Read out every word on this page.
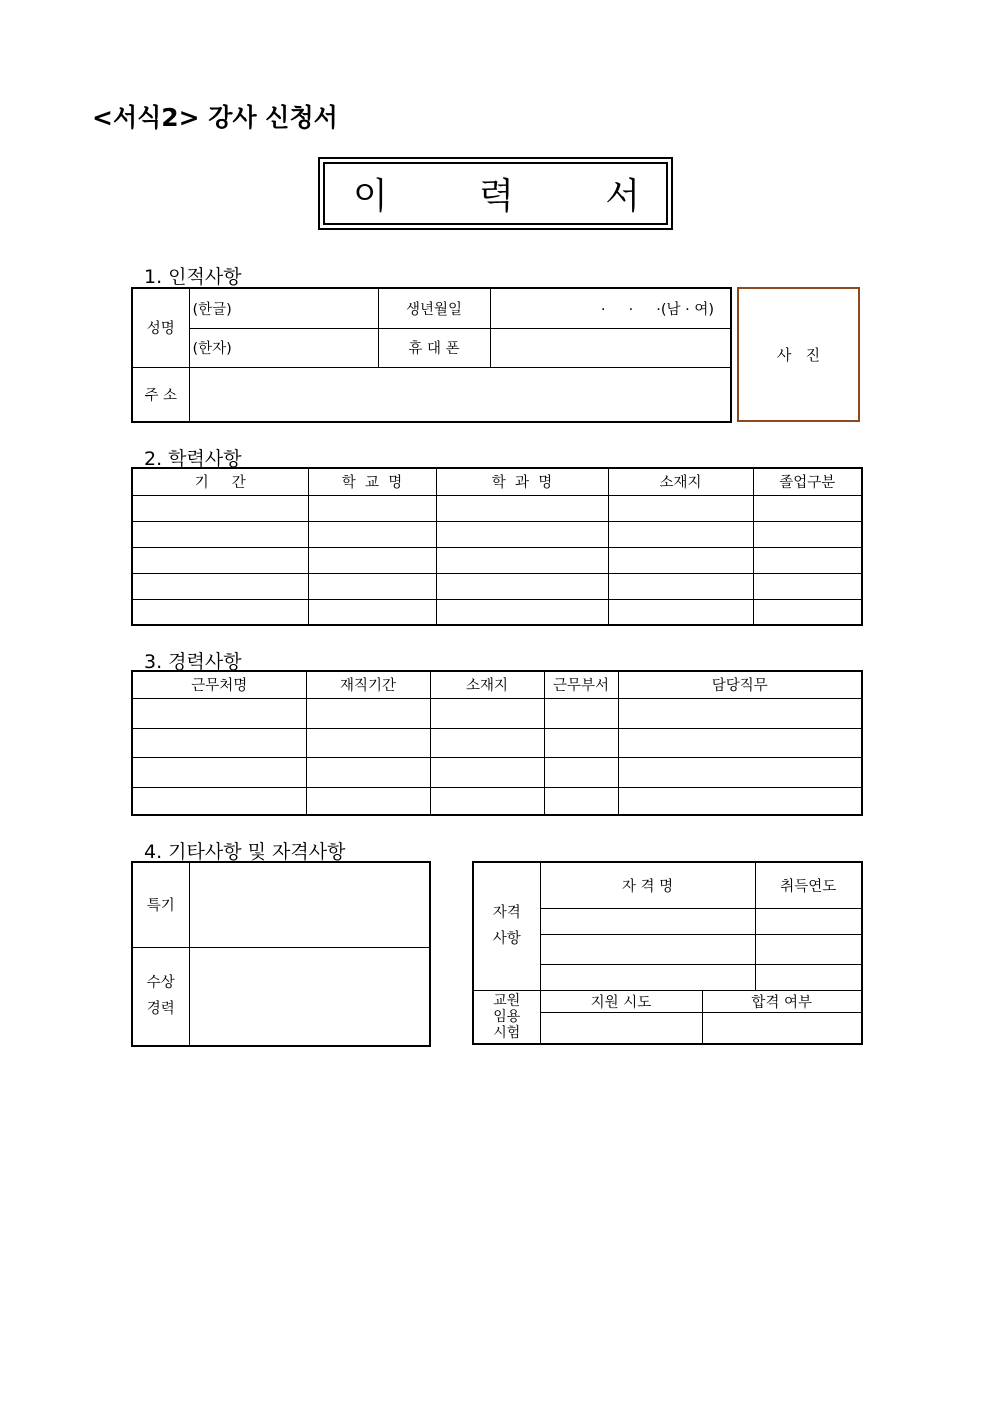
<서식2> 강사 신청서
이	력	서
1. 인적사항
성명	(한글)	생년월일	·     ·     ·(남 · 여)
	(한자)	휴 대 폰	
주 소			
사   진
2. 학력사항
기     간	학  교  명	학  과  명	소재지	졸업구분

3. 경력사항
근무처명	재직기간	소재지	근무부서	담당직무

4. 기타사항 및 자격사항
특기	

수상
경력	

자격
사항	자 격 명		취득연도

교원
임용
시험	지원 시도	합격 여부	
